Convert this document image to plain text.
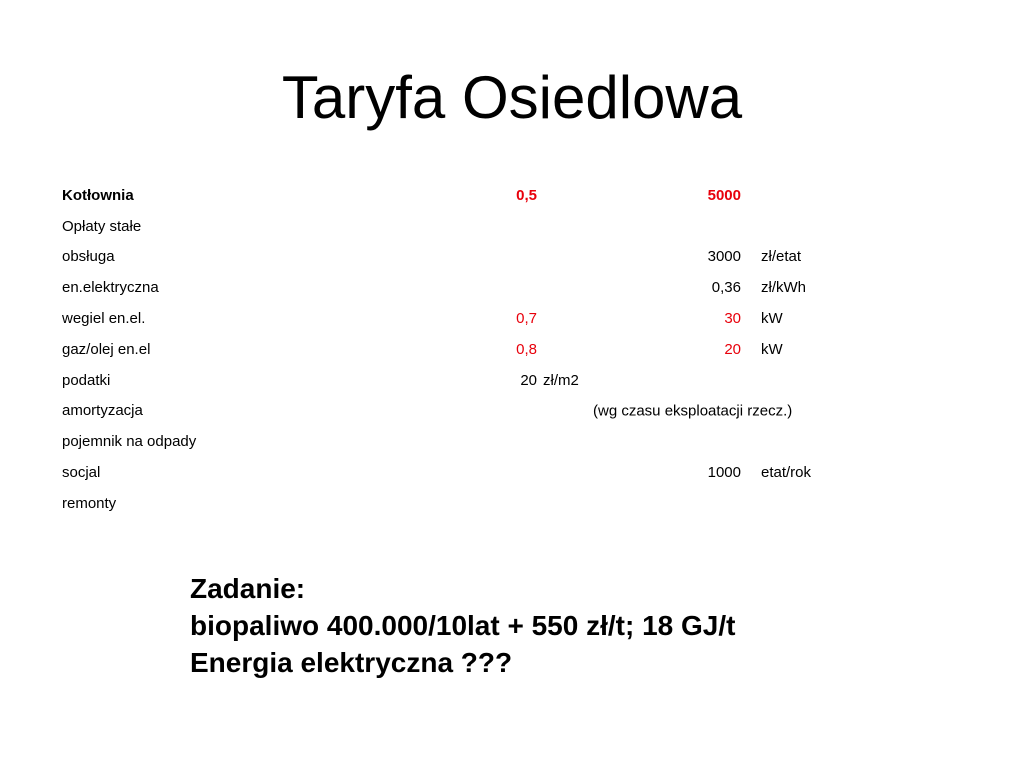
Taryfa Osiedlowa
Kotłownia	0,5		5000	
Opłaty stałe				
obsługa			3000	zł/etat
en.elektryczna			0,36	zł/kWh
wegiel en.el.	0,7		30	kW
gaz/olej en.el	0,8		20	kW
podatki	20	zł/m2		
amortyzacja	(wg czasu eksploatacji rzecz.)			

pojemnik na odpady				
socjal			1000	etat/rok
remonty				
Zadanie:
biopaliwo 400.000/10lat + 550 zł/t; 18 GJ/t
Energia elektryczna ???
